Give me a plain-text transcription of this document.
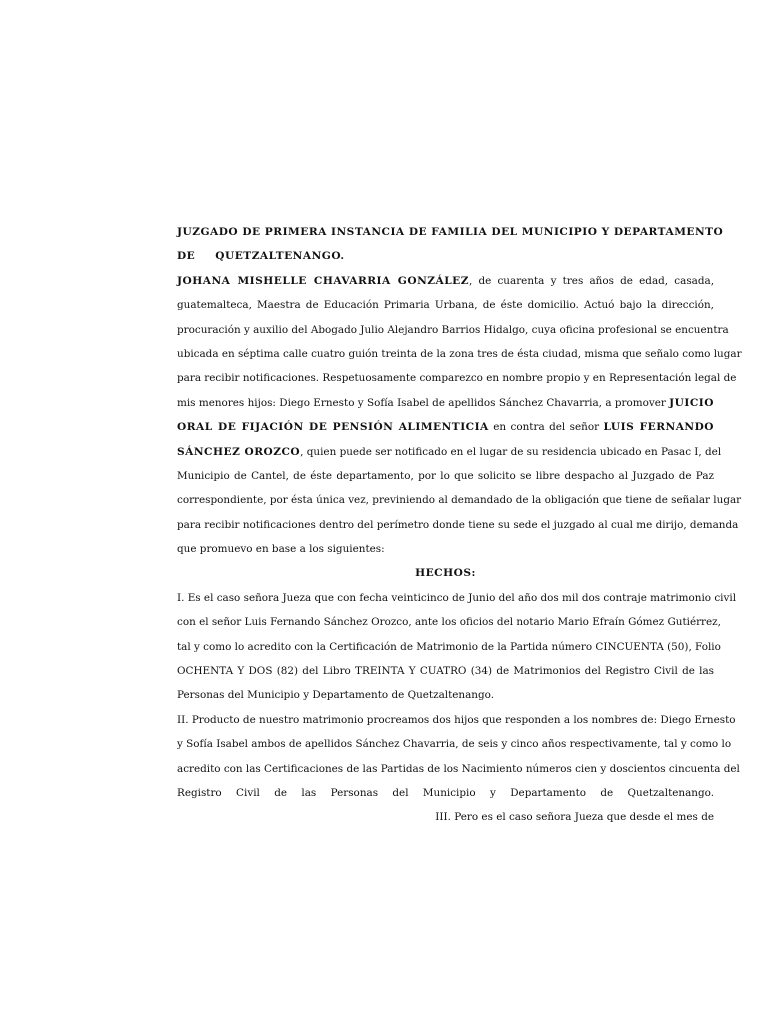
JUZGADO DE PRIMERA INSTANCIA DE FAMILIA DEL MUNICIPIO Y DEPARTAMENTO
DE QUETZALTENANGO.
JOHANA MISHELLE CHAVARRIA GONZÁLEZ, de cuarenta y tres años de edad, casada,
guatemalteca, Maestra de Educación Primaria Urbana, de éste domicilio. Actuó bajo la dirección,
procuración y auxilio del Abogado Julio Alejandro Barrios Hidalgo, cuya oficina profesional se encuentra
ubicada en séptima calle cuatro guión treinta de la zona tres de ésta ciudad, misma que señalo como lugar
para recibir notificaciones. Respetuosamente comparezco en nombre propio y en Representación legal de
mis menores hijos: Diego Ernesto y Sofía Isabel de apellidos Sánchez Chavarria, a promover JUICIO
ORAL DE FIJACIÓN DE PENSIÓN ALIMENTICIA en contra del señor LUIS FERNANDO
SÁNCHEZ OROZCO, quien puede ser notificado en el lugar de su residencia ubicado en Pasac I, del
Municipio de Cantel, de éste departamento, por lo que solicito se libre despacho al Juzgado de Paz
correspondiente, por ésta única vez, previniendo al demandado de la obligación que tiene de señalar lugar
para recibir notificaciones dentro del perímetro donde tiene su sede el juzgado al cual me dirijo, demanda
que promuevo en base a los siguientes:
HECHOS:
I. Es el caso señora Jueza que con fecha veinticinco de Junio del año dos mil dos contraje matrimonio civil
con el señor Luis Fernando Sánchez Orozco, ante los oficios del notario Mario Efraín Gómez Gutiérrez,
tal y como lo acredito con la Certificación de Matrimonio de la Partida número CINCUENTA (50), Folio
OCHENTA Y DOS (82) del Libro TREINTA Y CUATRO (34) de Matrimonios del Registro Civil de las
Personas del Municipio y Departamento de Quetzaltenango.
II. Producto de nuestro matrimonio procreamos dos hijos que responden a los nombres de: Diego Ernesto
y Sofía Isabel ambos de apellidos Sánchez Chavarria, de seis y cinco años respectivamente, tal y como lo
acredito con las Certificaciones de las Partidas de los Nacimiento números cien y doscientos cincuenta del
Registro Civil de las Personas del Municipio y Departamento de Quetzaltenango.
III. Pero es el caso señora Jueza que desde el mes de
